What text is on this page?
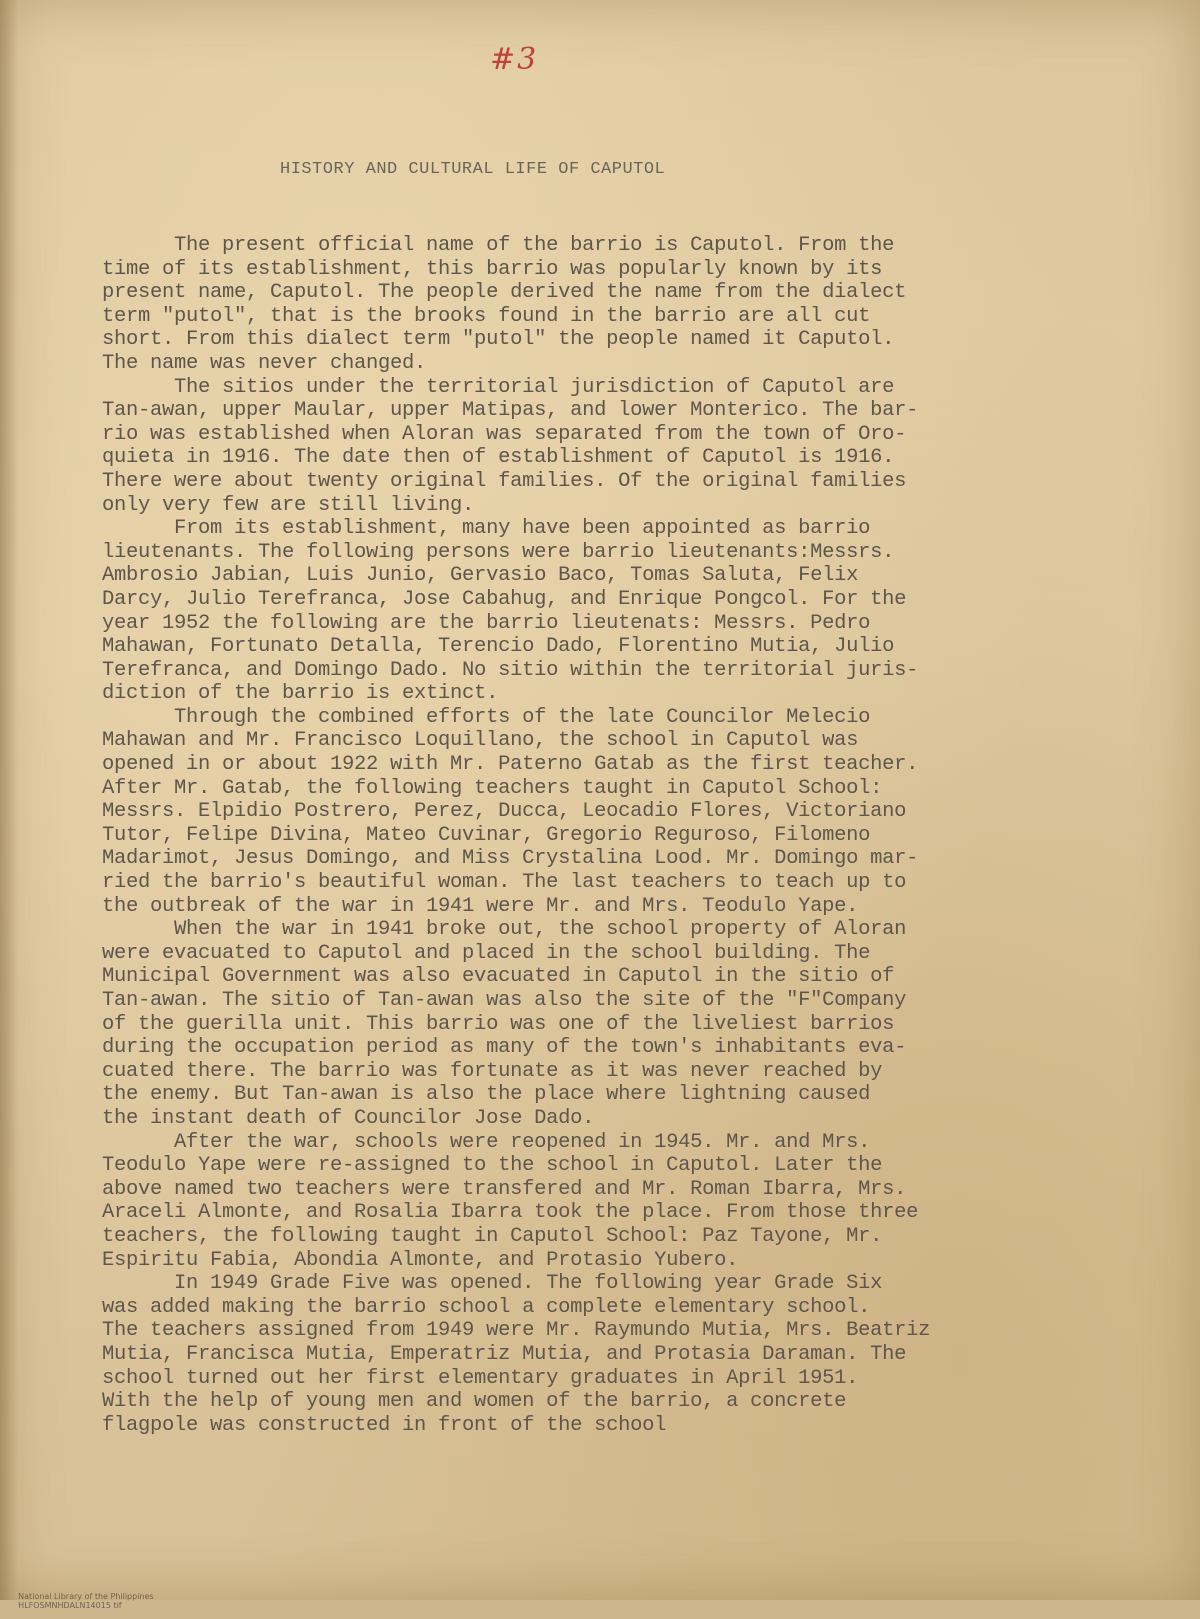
#3
HISTORY AND CULTURAL LIFE OF CAPUTOL
The present official name of the barrio is Caputol. From the
time of its establishment, this barrio was popularly known by its
present name, Caputol. The people derived the name from the dialect
term "putol", that is the brooks found in the barrio are all cut
short. From this dialect term "putol" the people named it Caputol.
The name was never changed.
The sitios under the territorial jurisdiction of Caputol are
Tan-awan, upper Maular, upper Matipas, and lower Monterico. The bar-
rio was established when Aloran was separated from the town of Oro-
quieta in 1916. The date then of establishment of Caputol is 1916.
There were about twenty original families. Of the original families
only very few are still living.
From its establishment, many have been appointed as barrio
lieutenants. The following persons were barrio lieutenants:Messrs.
Ambrosio Jabian, Luis Junio, Gervasio Baco, Tomas Saluta, Felix
Darcy, Julio Terefranca, Jose Cabahug, and Enrique Pongcol. For the
year 1952 the following are the barrio lieutenats: Messrs. Pedro
Mahawan, Fortunato Detalla, Terencio Dado, Florentino Mutia, Julio
Terefranca, and Domingo Dado. No sitio within the territorial juris-
diction of the barrio is extinct.
Through the combined efforts of the late Councilor Melecio
Mahawan and Mr. Francisco Loquillano, the school in Caputol was
opened in or about 1922 with Mr. Paterno Gatab as the first teacher.
After Mr. Gatab, the following teachers taught in Caputol School:
Messrs. Elpidio Postrero, Perez, Ducca, Leocadio Flores, Victoriano
Tutor, Felipe Divina, Mateo Cuvinar, Gregorio Reguroso, Filomeno
Madarimot, Jesus Domingo, and Miss Crystalina Lood. Mr. Domingo mar-
ried the barrio's beautiful woman. The last teachers to teach up to
the outbreak of the war in 1941 were Mr. and Mrs. Teodulo Yape.
When the war in 1941 broke out, the school property of Aloran
were evacuated to Caputol and placed in the school building. The
Municipal Government was also evacuated in Caputol in the sitio of
Tan-awan. The sitio of Tan-awan was also the site of the "F"Company
of the guerilla unit. This barrio was one of the liveliest barrios
during the occupation period as many of the town's inhabitants eva-
cuated there. The barrio was fortunate as it was never reached by
the enemy. But Tan-awan is also the place where lightning caused
the instant death of Councilor Jose Dado.
After the war, schools were reopened in 1945. Mr. and Mrs.
Teodulo Yape were re-assigned to the school in Caputol. Later the
above named two teachers were transfered and Mr. Roman Ibarra, Mrs.
Araceli Almonte, and Rosalia Ibarra took the place. From those three
teachers, the following taught in Caputol School: Paz Tayone, Mr.
Espiritu Fabia, Abondia Almonte, and Protasio Yubero.
In 1949 Grade Five was opened. The following year Grade Six
was added making the barrio school a complete elementary school.
The teachers assigned from 1949 were Mr. Raymundo Mutia, Mrs. Beatriz
Mutia, Francisca Mutia, Emperatriz Mutia, and Protasia Daraman. The
school turned out her first elementary graduates in April 1951.
With the help of young men and women of the barrio, a concrete
flagpole was constructed in front of the school

National Library of the Philippines
HLFOSMNHDALN14015 tif
